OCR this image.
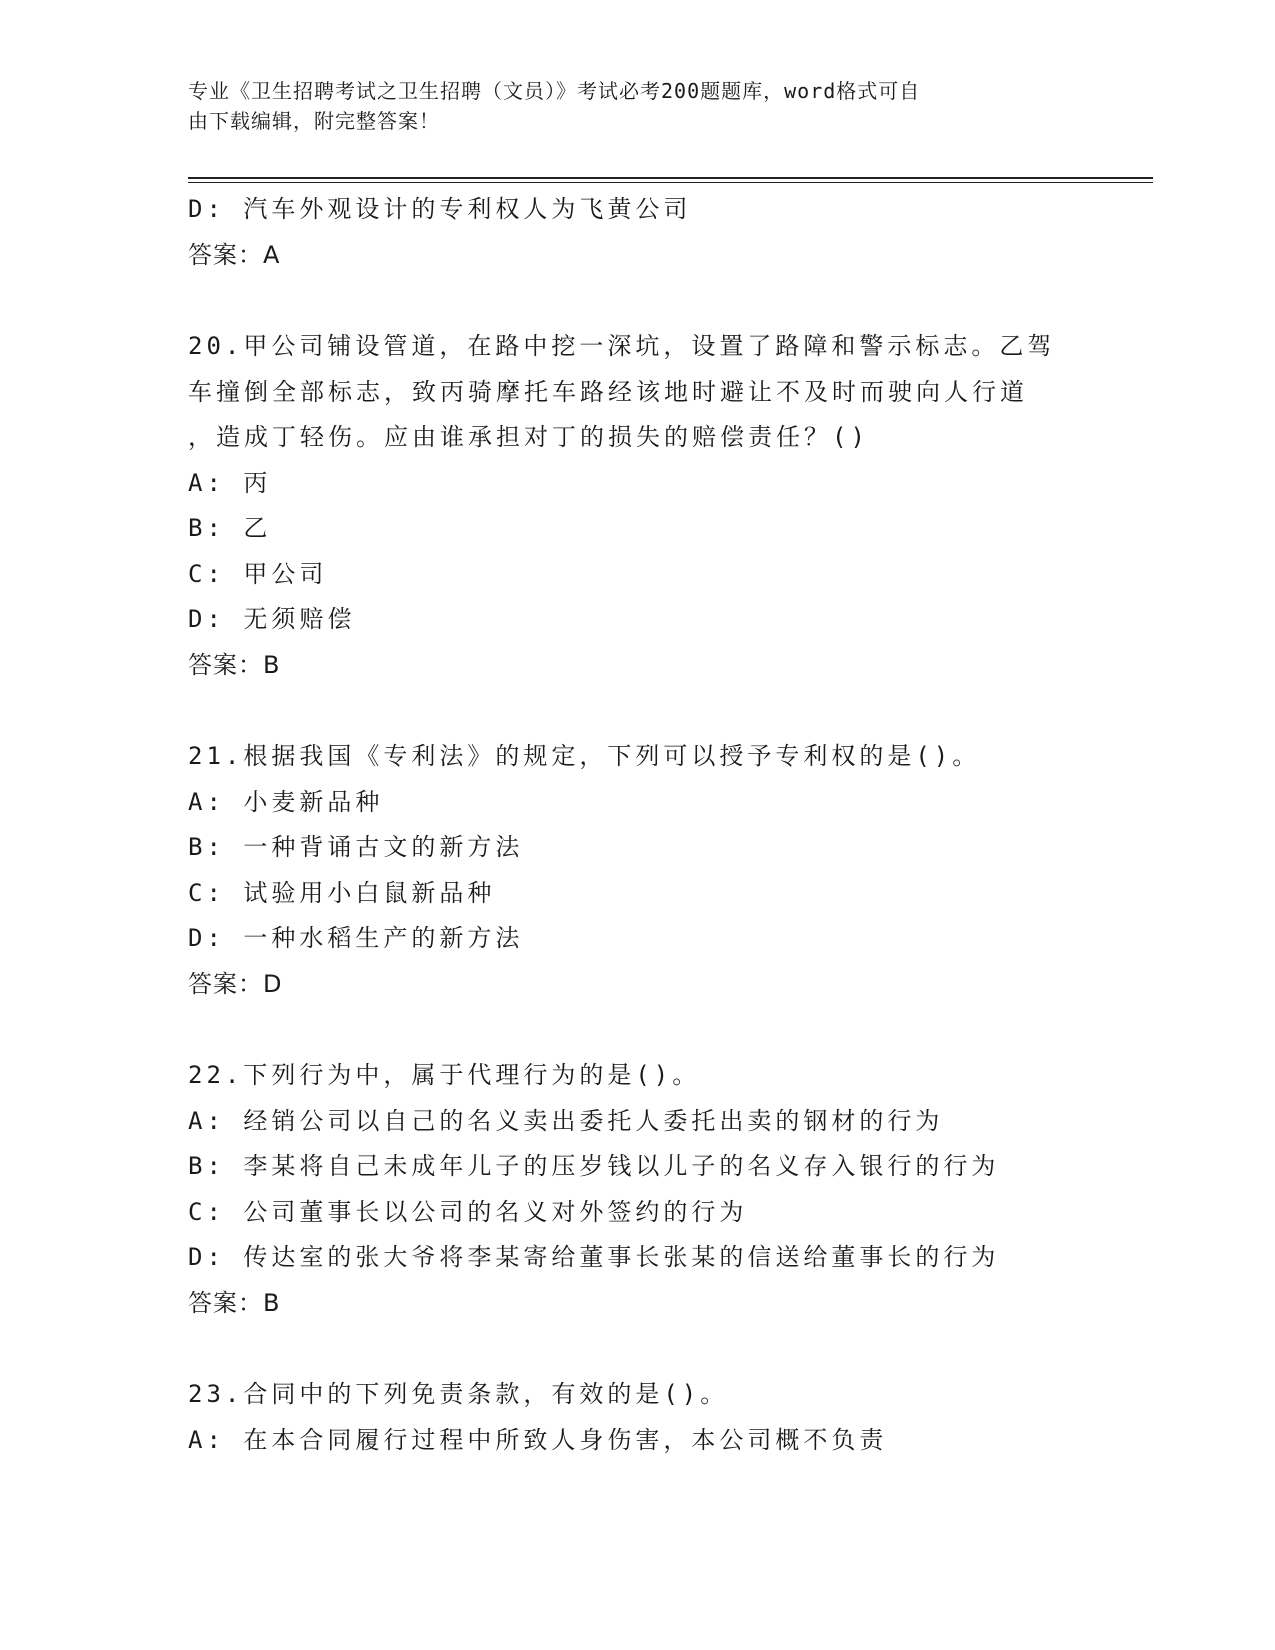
专业《卫生招聘考试之卫生招聘（文员）》考试必考200题题库，word格式可自
由下载编辑，附完整答案！
D: 汽车外观设计的专利权人为飞黄公司
答案：A
20.甲公司铺设管道，在路中挖一深坑，设置了路障和警示标志。乙驾
车撞倒全部标志，致丙骑摩托车路经该地时避让不及时而驶向人行道
，造成丁轻伤。应由谁承担对丁的损失的赔偿责任？()
A: 丙
B: 乙
C: 甲公司
D: 无须赔偿
答案：B
21.根据我国《专利法》的规定，下列可以授予专利权的是()。
A: 小麦新品种
B: 一种背诵古文的新方法
C: 试验用小白鼠新品种
D: 一种水稻生产的新方法
答案：D
22.下列行为中，属于代理行为的是()。
A: 经销公司以自己的名义卖出委托人委托出卖的钢材的行为
B: 李某将自己未成年儿子的压岁钱以儿子的名义存入银行的行为
C: 公司董事长以公司的名义对外签约的行为
D: 传达室的张大爷将李某寄给董事长张某的信送给董事长的行为
答案：B
23.合同中的下列免责条款，有效的是()。
A: 在本合同履行过程中所致人身伤害，本公司概不负责
